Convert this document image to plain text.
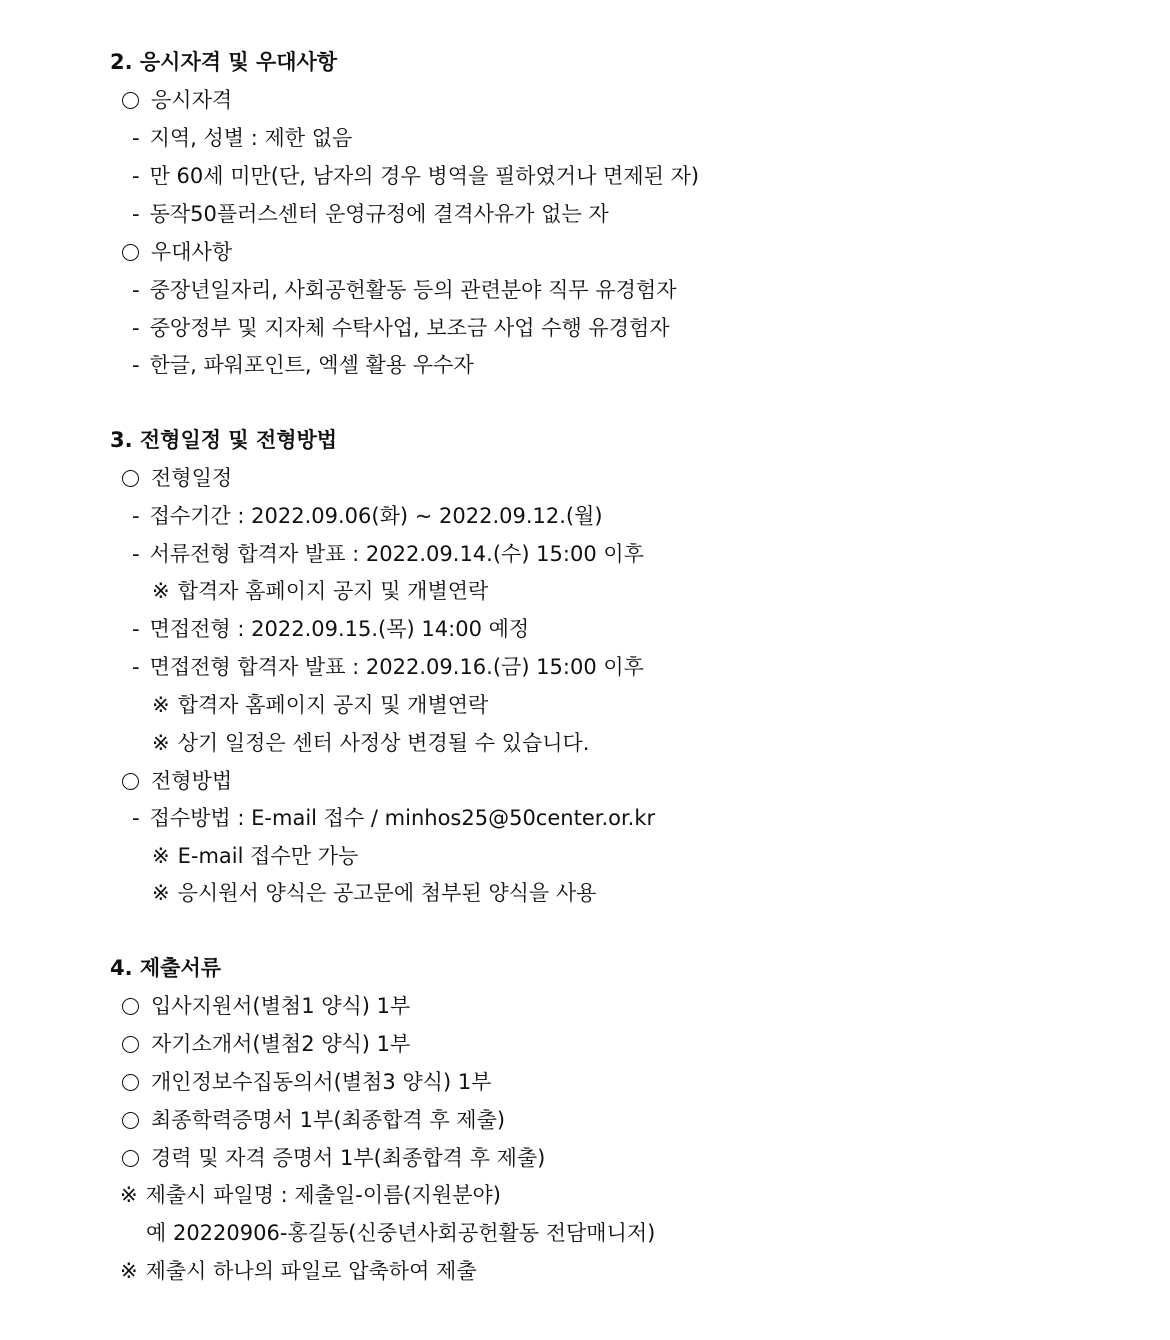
2. 응시자격 및 우대사항
응시자격
- 지역, 성별 : 제한 없음
- 만 60세 미만(단, 남자의 경우 병역을 필하였거나 면제된 자)
- 동작50플러스센터 운영규정에 결격사유가 없는 자
우대사항
- 중장년일자리, 사회공헌활동 등의 관련분야 직무 유경험자
- 중앙정부 및 지자체 수탁사업, 보조금 사업 수행 유경험자
- 한글, 파워포인트, 엑셀 활용 우수자
3. 전형일정 및 전형방법
전형일정
- 접수기간 : 2022.09.06(화) ~ 2022.09.12.(월)
- 서류전형 합격자 발표 : 2022.09.14.(수) 15:00 이후
※ 합격자 홈페이지 공지 및 개별연락
- 면접전형 : 2022.09.15.(목) 14:00 예정
- 면접전형 합격자 발표 : 2022.09.16.(금) 15:00 이후
※ 합격자 홈페이지 공지 및 개별연락
※ 상기 일정은 센터 사정상 변경될 수 있습니다.
전형방법
- 접수방법 : E-mail 접수 / minhos25@50center.or.kr
※ E-mail 접수만 가능
※ 응시원서 양식은 공고문에 첨부된 양식을 사용
4. 제출서류
입사지원서(별첨1 양식) 1부
자기소개서(별첨2 양식) 1부
개인정보수집동의서(별첨3 양식) 1부
최종학력증명서 1부(최종합격 후 제출)
경력 및 자격 증명서 1부(최종합격 후 제출)
※ 제출시 파일명 : 제출일-이름(지원분야)
예 20220906-홍길동(신중년사회공헌활동 전담매니저)
※ 제출시 하나의 파일로 압축하여 제출
